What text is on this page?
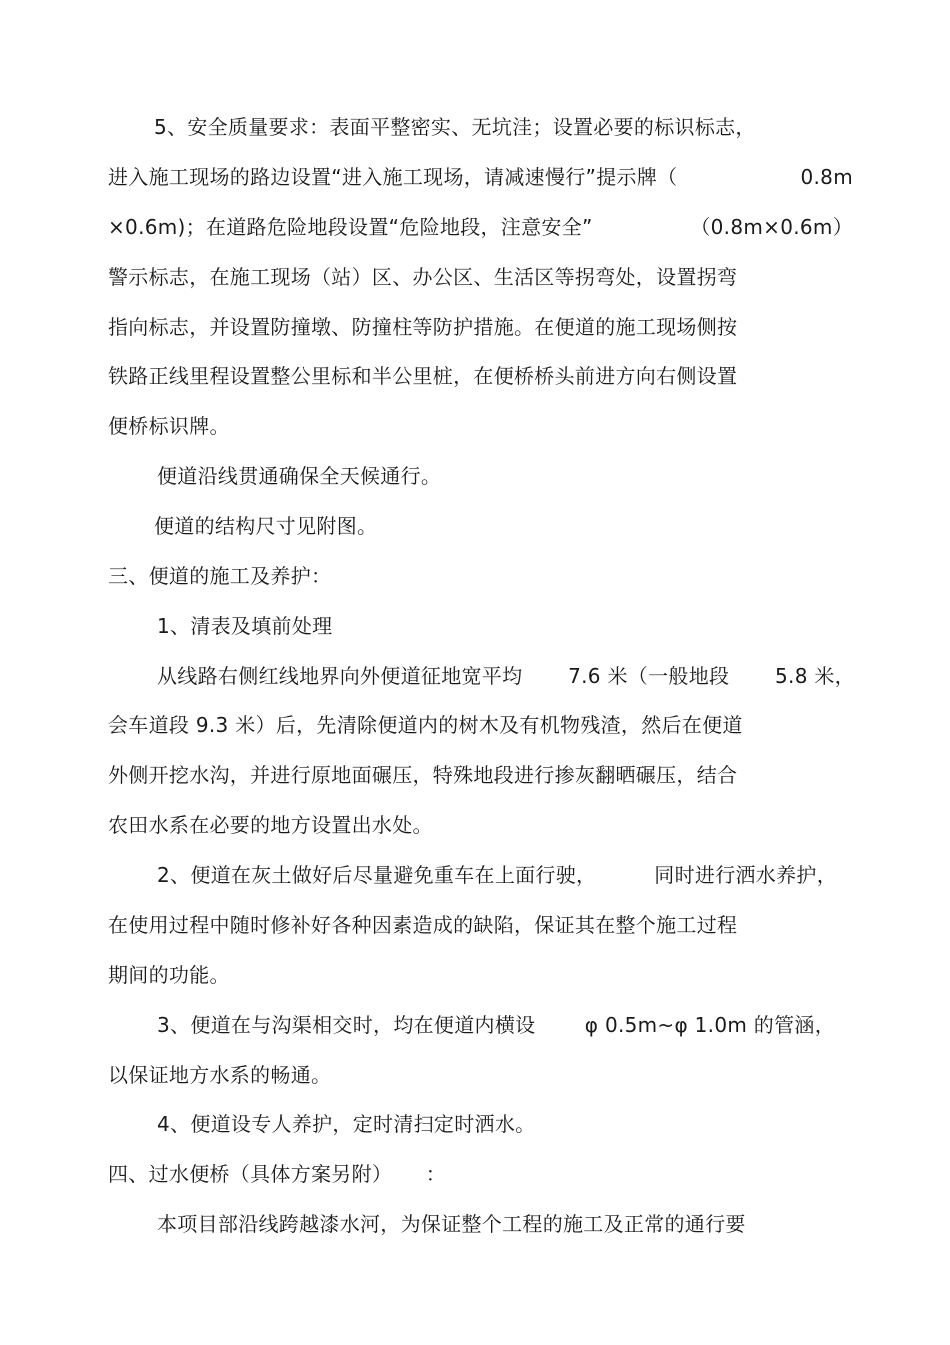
5、安全质量要求：表面平整密实、无坑洼；设置必要的标识标志，
进入施工现场的路边设置“进入施工现场，请减速慢行”提示牌（	0.8m
×0.6m)；在道路危险地段设置“危险地段，注意安全”	（0.8m×0.6m）
警示标志，在施工现场（站）区、办公区、生活区等拐弯处，设置拐弯
指向标志，并设置防撞墩、防撞柱等防护措施。在便道的施工现场侧按
铁路正线里程设置整公里标和半公里桩，在便桥桥头前进方向右侧设置
便桥标识牌。
便道沿线贯通确保全天候通行。
便道的结构尺寸见附图。
三、便道的施工及养护：
1、清表及填前处理
从线路右侧红线地界向外便道征地宽平均 7.6 米（一般地段 5.8 米，
会车道段 9.3 米）后，先清除便道内的树木及有机物残渣，然后在便道
外侧开挖水沟，并进行原地面碾压，特殊地段进行掺灰翻晒碾压，结合
农田水系在必要的地方设置出水处。
2、便道在灰土做好后尽量避免重车在上面行驶，	同时进行洒水养护，
在使用过程中随时修补好各种因素造成的缺陷，保证其在整个施工过程
期间的功能。
3、便道在与沟渠相交时，均在便道内横设 φ 0.5m~φ 1.0m 的管涵，
以保证地方水系的畅通。
4、便道设专人养护，定时清扫定时洒水。
四、过水便桥（具体方案另附） ：
本项目部沿线跨越漆水河，为保证整个工程的施工及正常的通行要
